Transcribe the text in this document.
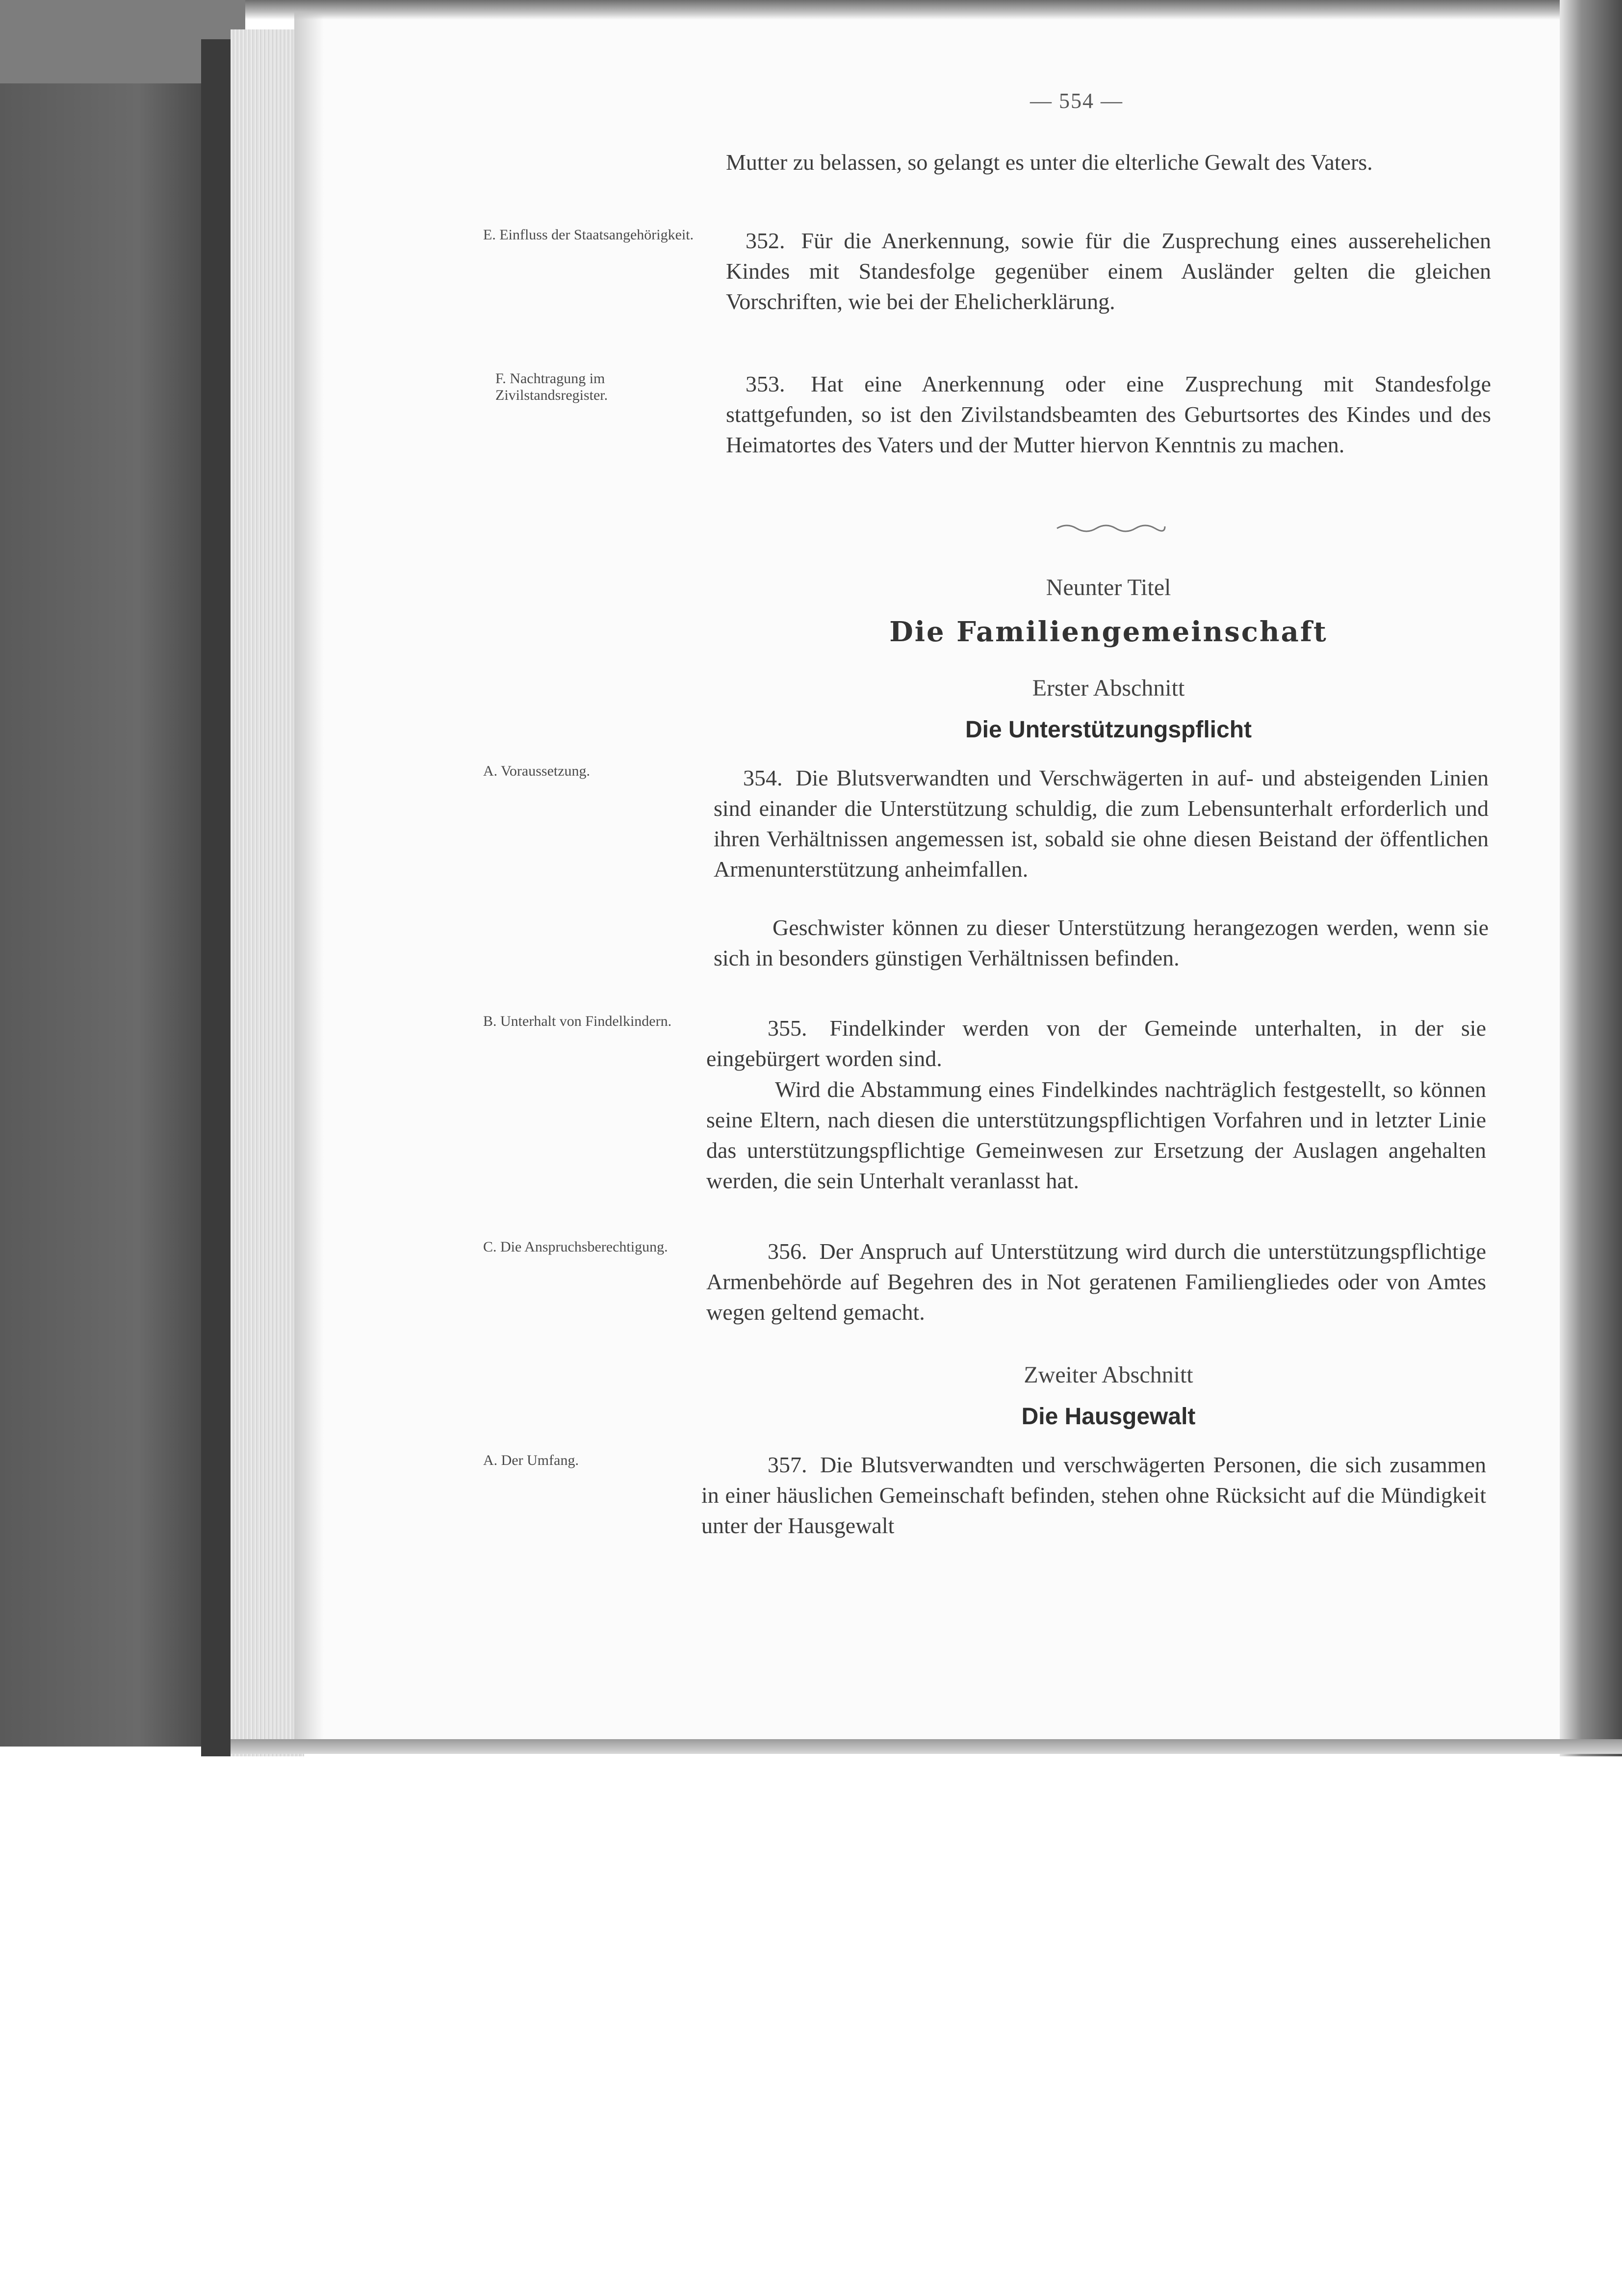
— 554 —

Mutter zu belassen, so gelangt es unter die elterliche Gewalt des Vaters.

E. Einfluss der Staatsangehörigkeit.	352. Für die Anerkennung, sowie für die Zusprechung eines ausserehelichen Kindes mit Standesfolge gegenüber einem Ausländer gelten die gleichen Vorschriften, wie bei der Ehelicherklärung.

F. Nachtragung im Zivilstandsregister.	353. Hat eine Anerkennung oder eine Zusprechung mit Standesfolge stattgefunden, so ist den Zivilstandsbeamten des Geburtsortes des Kindes und des Heimatortes des Vaters und der Mutter hiervon Kenntnis zu machen.

Neunter Titel
Die Familiengemeinschaft
Erster Abschnitt
Die Unterstützungspflicht

A. Voraussetzung.	354. Die Blutsverwandten und Verschwägerten in auf- und absteigenden Linien sind einander die Unterstützung schuldig, die zum Lebensunterhalt erforderlich und ihren Verhältnissen angemessen ist, sobald sie ohne diesen Beistand der öffentlichen Armenunterstützung anheimfallen.

Geschwister können zu dieser Unterstützung herangezogen werden, wenn sie sich in besonders günstigen Verhältnissen befinden.

B. Unterhalt von Findelkindern.	355. Findelkinder werden von der Gemeinde unterhalten, in der sie eingebürgert worden sind.

Wird die Abstammung eines Findelkindes nachträglich festgestellt, so können seine Eltern, nach diesen die unterstützungspflichtigen Vorfahren und in letzter Linie das unterstützungspflichtige Gemeinwesen zur Ersetzung der Auslagen angehalten werden, die sein Unterhalt veranlasst hat.

C. Die Anspruchsberechtigung.	356. Der Anspruch auf Unterstützung wird durch die unterstützungspflichtige Armenbehörde auf Begehren des in Not geratenen Familiengliedes oder von Amtes wegen geltend gemacht.

Zweiter Abschnitt
Die Hausgewalt

A. Der Umfang.	357. Die Blutsverwandten und verschwägerten Personen, die sich zusammen in einer häuslichen Gemeinschaft befinden, stehen ohne Rücksicht auf die Mündigkeit unter der Hausgewalt
